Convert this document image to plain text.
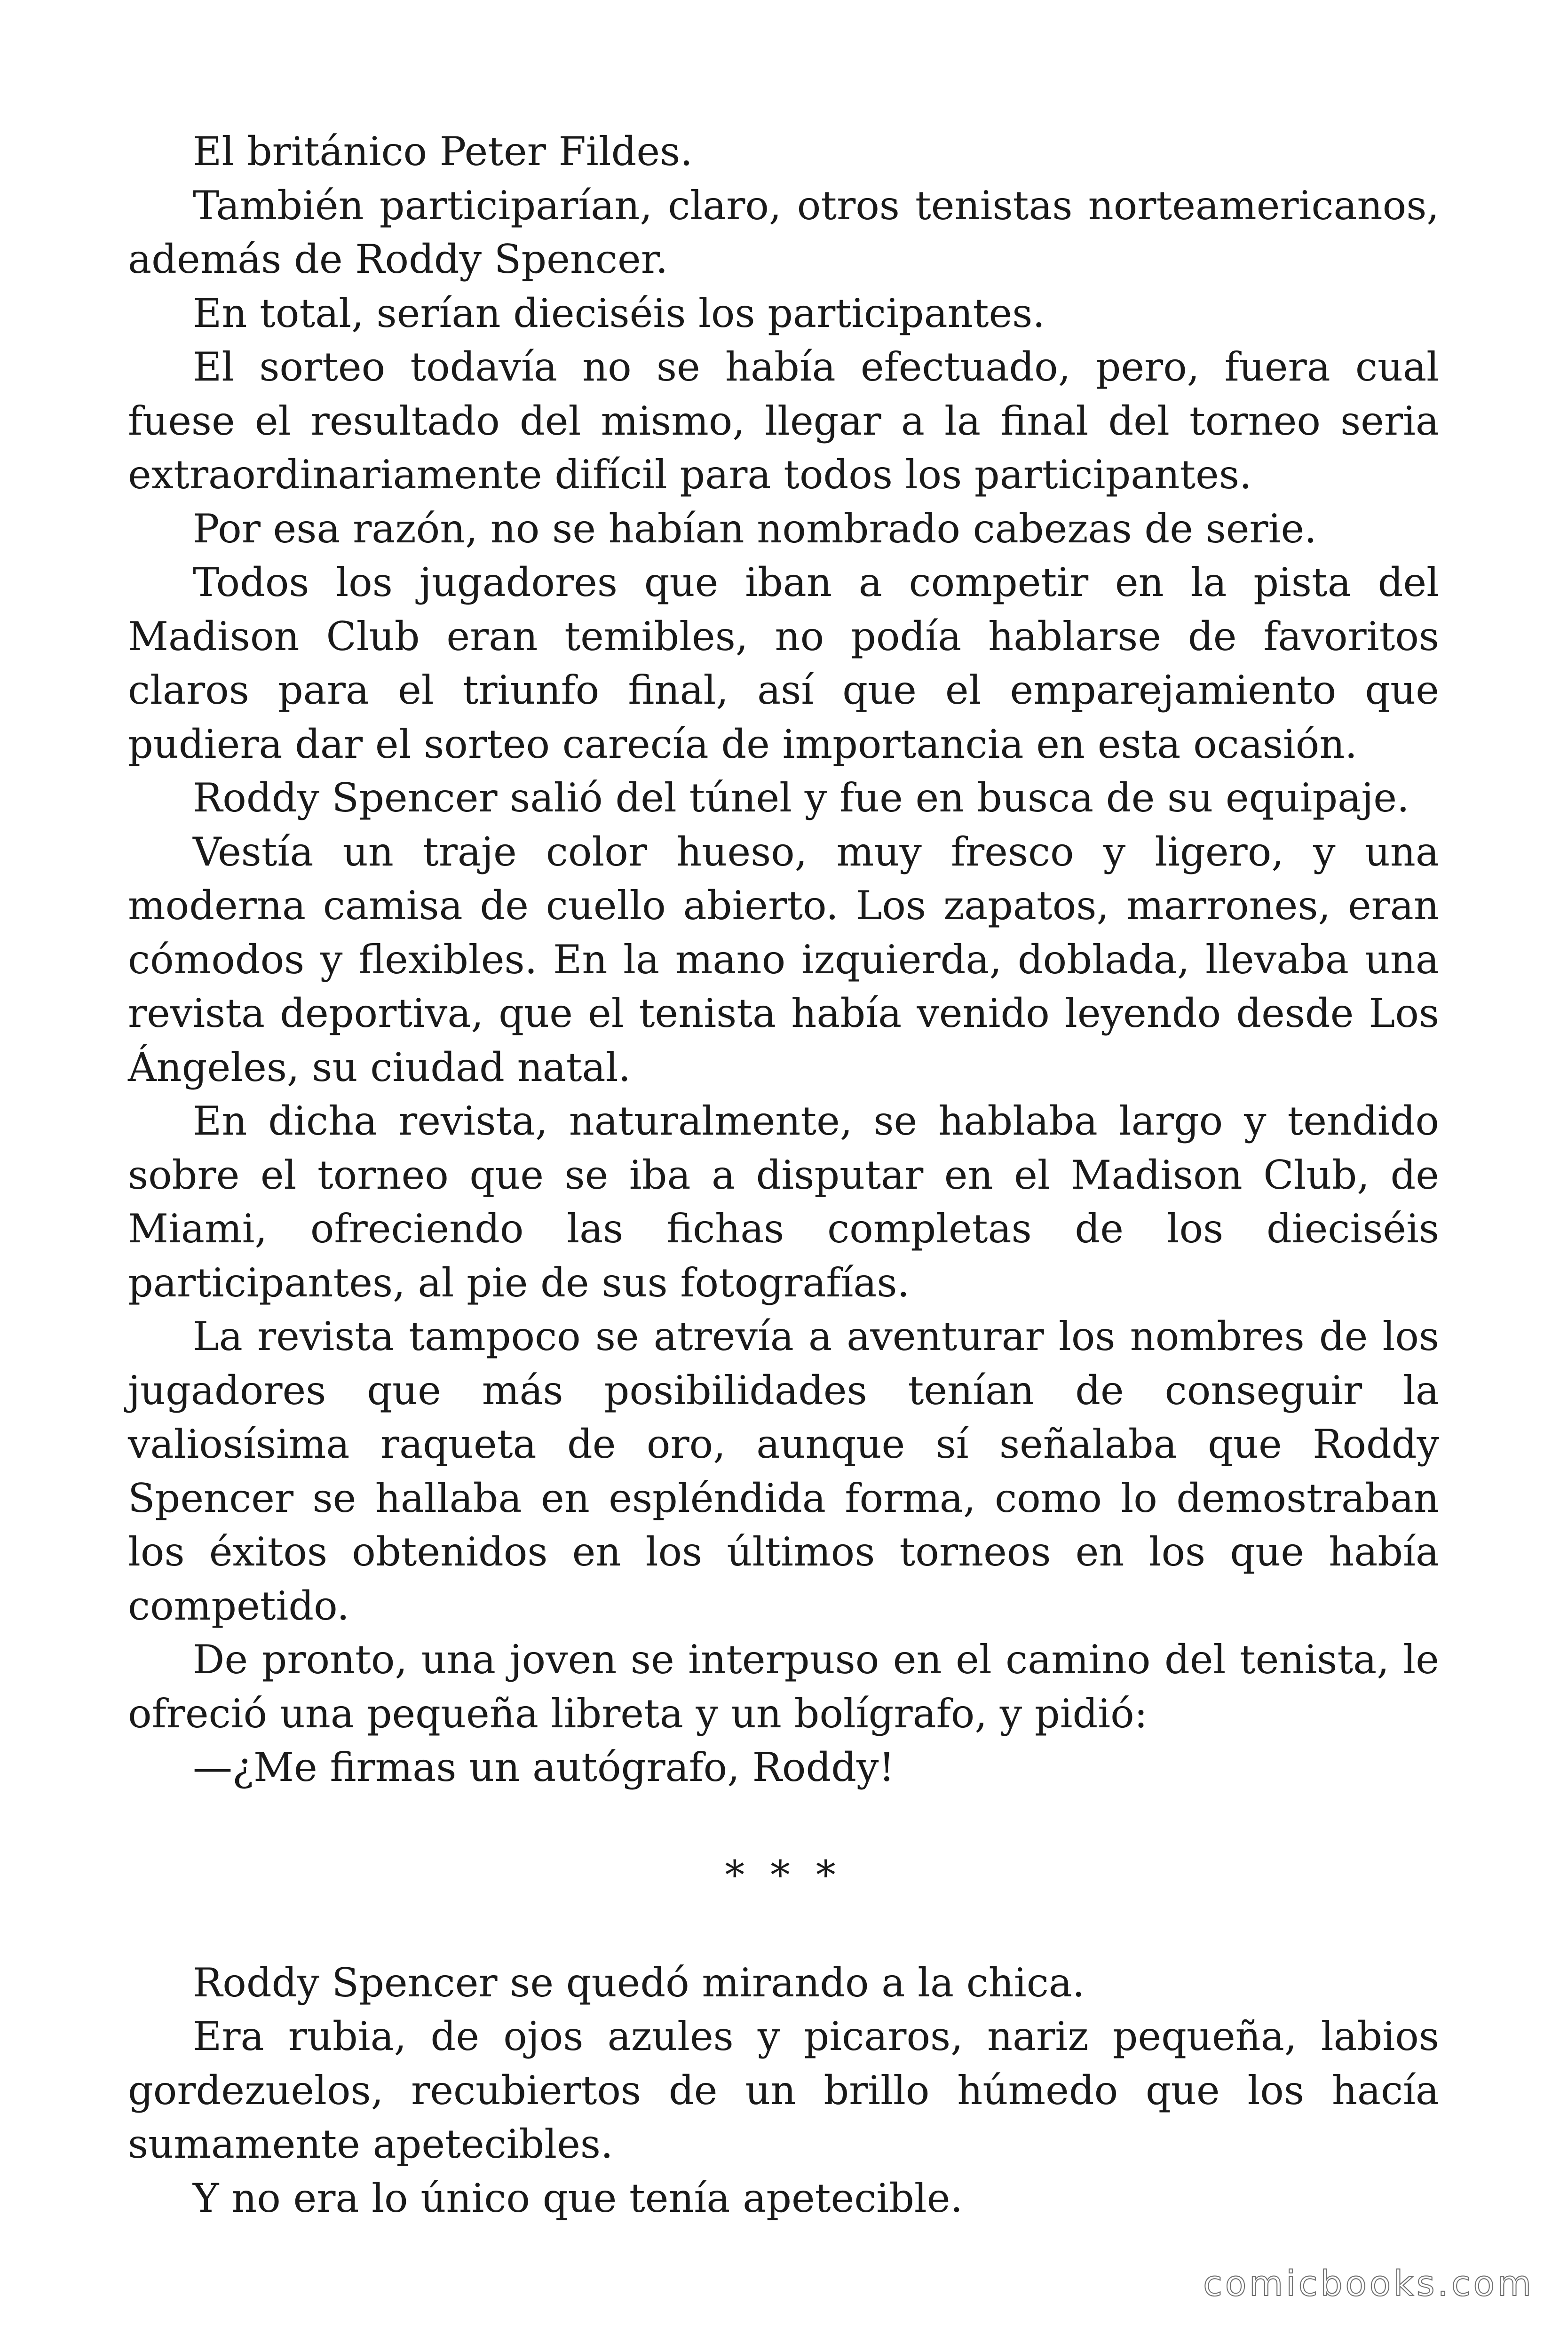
El británico Peter Fildes.

También participarían, claro, otros tenistas norteamericanos, además de Roddy Spencer.

En total, serían dieciséis los participantes.

El sorteo todavía no se había efectuado, pero, fuera cual fuese el resultado del mismo, llegar a la final del torneo seria extraordinariamente difícil para todos los participantes.

Por esa razón, no se habían nombrado cabezas de serie.

Todos los jugadores que iban a competir en la pista del Madison Club eran temibles, no podía hablarse de favoritos claros para el triunfo final, así que el emparejamiento que pudiera dar el sorteo carecía de importancia en esta ocasión.

Roddy Spencer salió del túnel y fue en busca de su equipaje.

Vestía un traje color hueso, muy fresco y ligero, y una moderna camisa de cuello abierto. Los zapatos, marrones, eran cómodos y flexibles. En la mano izquierda, doblada, llevaba una revista deportiva, que el tenista había venido leyendo desde Los Ángeles, su ciudad natal.

En dicha revista, naturalmente, se hablaba largo y tendido sobre el torneo que se iba a disputar en el Madison Club, de Miami, ofreciendo las fichas completas de los dieciséis participantes, al pie de sus fotografías.

La revista tampoco se atrevía a aventurar los nombres de los jugadores que más posibilidades tenían de conseguir la valiosísima raqueta de oro, aunque sí señalaba que Roddy Spencer se hallaba en espléndida forma, como lo demostraban los éxitos obtenidos en los últimos torneos en los que había competido.

De pronto, una joven se interpuso en el camino del tenista, le ofreció una pequeña libreta y un bolígrafo, y pidió:

—¿Me firmas un autógrafo, Roddy!

* * *

Roddy Spencer se quedó mirando a la chica.

Era rubia, de ojos azules y picaros, nariz pequeña, labios gordezuelos, recubiertos de un brillo húmedo que los hacía sumamente apetecibles.

Y no era lo único que tenía apetecible.

comicbooks.com
